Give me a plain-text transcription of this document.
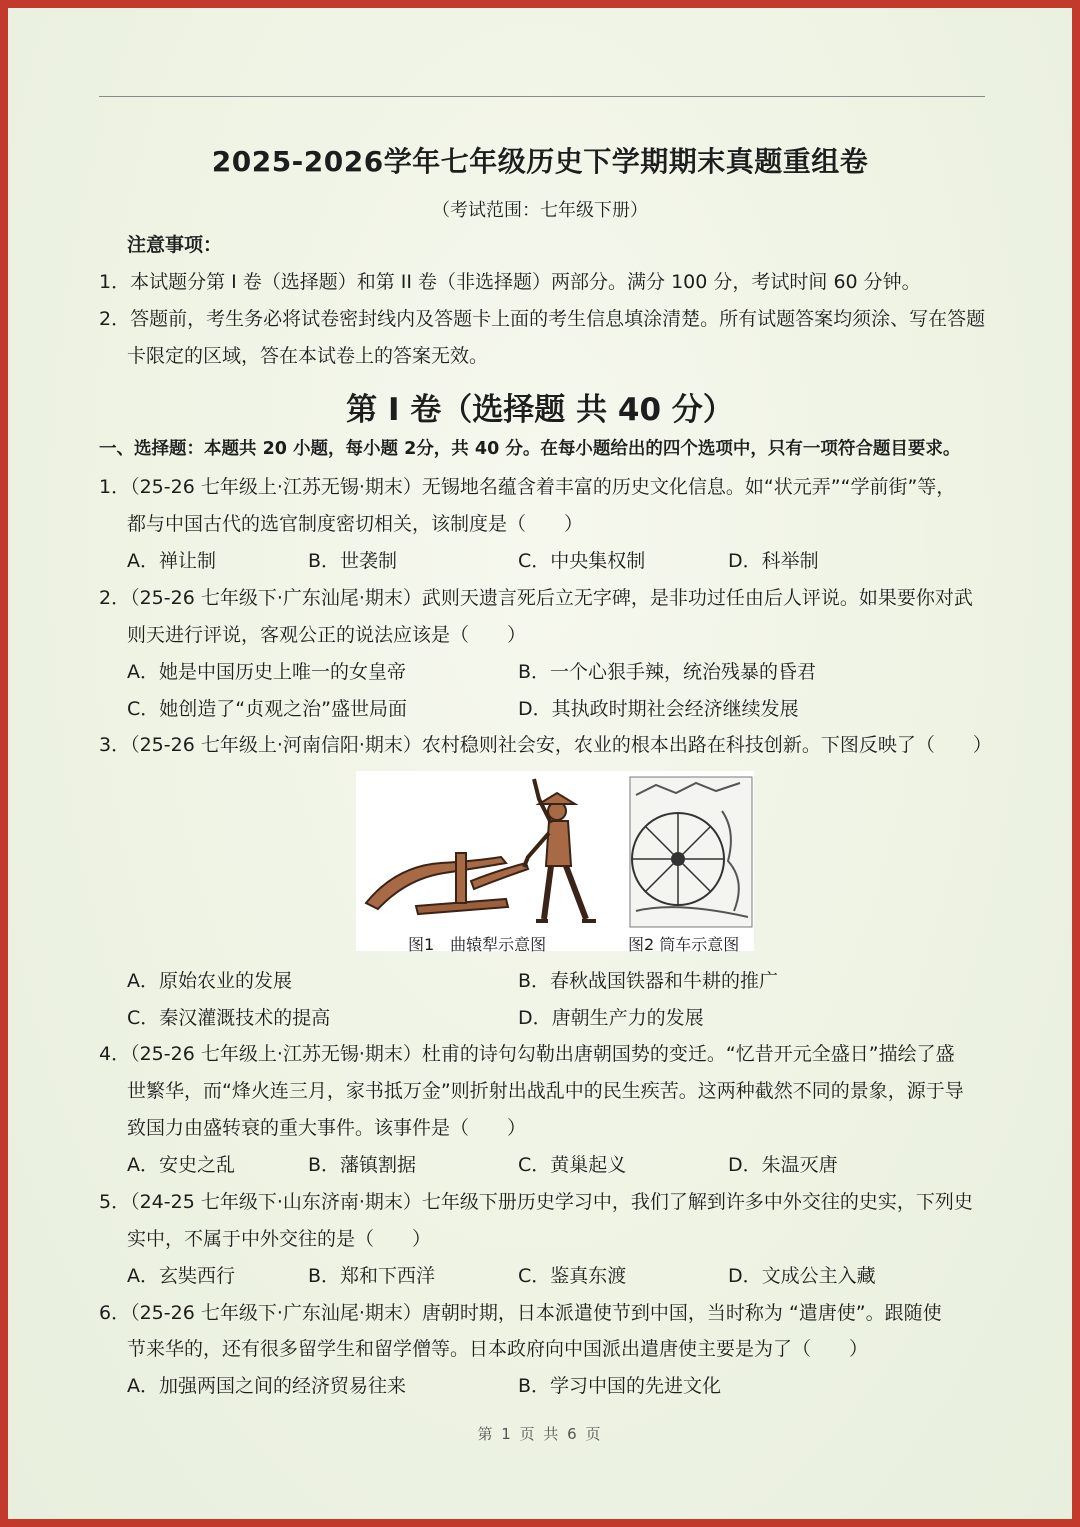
2025-2026学年七年级历史下学期期末真题重组卷
（考试范围：七年级下册）
注意事项：
1．本试题分第 I 卷（选择题）和第 II 卷（非选择题）两部分。满分 100 分，考试时间 60 分钟。
2．答题前，考生务必将试卷密封线内及答题卡上面的考生信息填涂清楚。所有试题答案均须涂、写在答题
卡限定的区域，答在本试卷上的答案无效。
第 I 卷（选择题 共 40 分）
一、选择题：本题共 20 小题，每小题 2分，共 40 分。在每小题给出的四个选项中，只有一项符合题目要求。
1．（25-26 七年级上·江苏无锡·期末）无锡地名蕴含着丰富的历史文化信息。如“状元弄”“学前街”等，
都与中国古代的选官制度密切相关，该制度是（　　）
A．禅让制	B．世袭制	C．中央集权制	D．科举制
2．（25-26 七年级下·广东汕尾·期末）武则天遗言死后立无字碑，是非功过任由后人评说。如果要你对武
则天进行评说，客观公正的说法应该是（　　）
A．她是中国历史上唯一的女皇帝	B．一个心狠手辣，统治残暴的昏君
C．她创造了“贞观之治”盛世局面	D．其执政时期社会经济继续发展
3．（25-26 七年级上·河南信阳·期末）农村稳则社会安，农业的根本出路在科技创新。下图反映了（　　）
图1　曲辕犁示意图	图2 筒车示意图
A．原始农业的发展	B．春秋战国铁器和牛耕的推广
C．秦汉灌溉技术的提高	D．唐朝生产力的发展
4．（25-26 七年级上·江苏无锡·期末）杜甫的诗句勾勒出唐朝国势的变迁。“忆昔开元全盛日”描绘了盛
世繁华，而“烽火连三月，家书抵万金”则折射出战乱中的民生疾苦。这两种截然不同的景象，源于导
致国力由盛转衰的重大事件。该事件是（　　）
A．安史之乱	B．藩镇割据	C．黄巢起义	D．朱温灭唐
5．（24-25 七年级下·山东济南·期末）七年级下册历史学习中，我们了解到许多中外交往的史实，下列史
实中，不属于中外交往的是（　　）
A．玄奘西行	B．郑和下西洋	C．鉴真东渡	D．文成公主入藏
6．（25-26 七年级下·广东汕尾·期末）唐朝时期，日本派遣使节到中国，当时称为 “遣唐使”。跟随使
节来华的，还有很多留学生和留学僧等。日本政府向中国派出遣唐使主要是为了（　　）
A．加强两国之间的经济贸易往来	B．学习中国的先进文化
第 1 页 共 6 页
